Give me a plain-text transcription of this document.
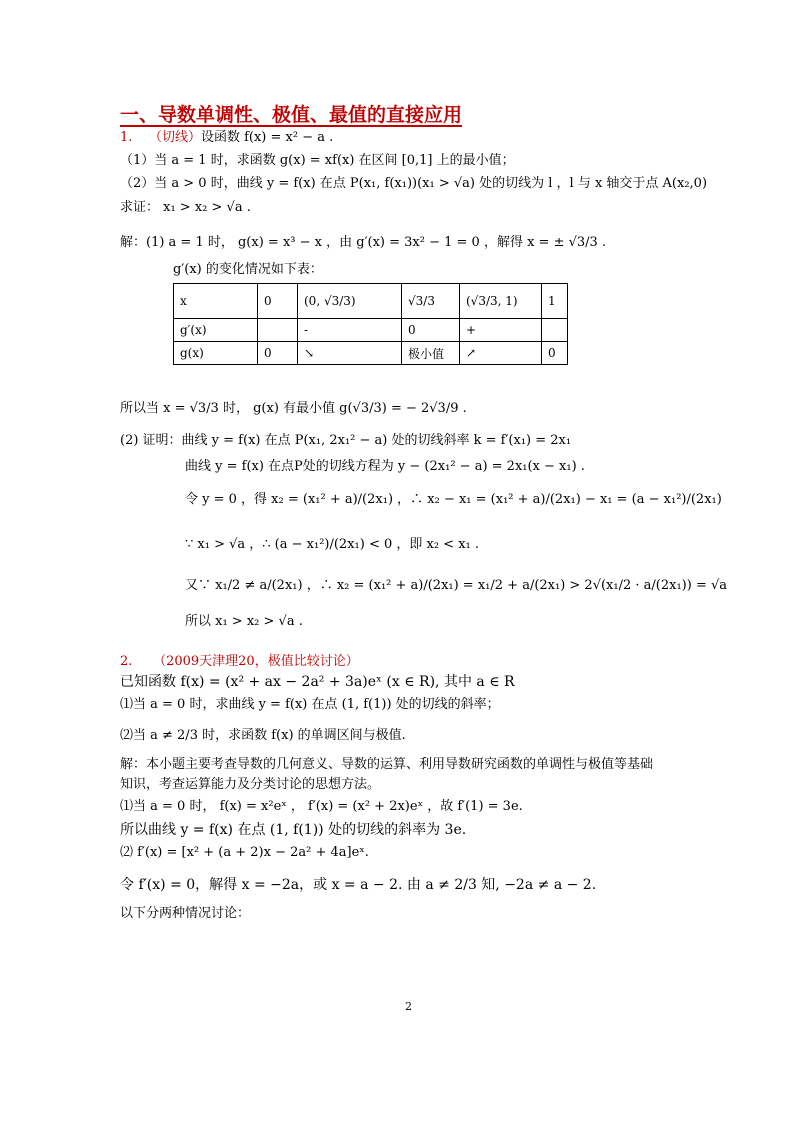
一、导数单调性、极值、最值的直接应用
1. （切线）设函数 f(x) = x² − a .
（1）当 a = 1 时，求函数 g(x) = xf(x) 在区间 [0,1] 上的最小值；
（2）当 a > 0 时，曲线 y = f(x) 在点 P(x₁, f(x₁))(x₁ > √a) 处的切线为 l ，l 与 x 轴交于点 A(x₂,0)
求证： x₁ > x₂ > √a .
解：(1) a = 1 时， g(x) = x³ − x ，由 g′(x) = 3x² − 1 = 0 ，解得 x = ± √3/3 .
g′(x) 的变化情况如下表：
x	0	(0, √3/3)	√3/3	(√3/3, 1)	1
g′(x)		-	0	+	
g(x)	0	↘	极小值	↗	0
所以当 x = √3/3 时， g(x) 有最小值 g(√3/3) = − 2√3/9 .
(2) 证明：曲线 y = f(x) 在点 P(x₁, 2x₁² − a) 处的切线斜率 k = f′(x₁) = 2x₁
曲线 y = f(x) 在点P处的切线方程为 y − (2x₁² − a) = 2x₁(x − x₁) .
令 y = 0 ，得 x₂ = (x₁² + a)/(2x₁) ，∴ x₂ − x₁ = (x₁² + a)/(2x₁) − x₁ = (a − x₁²)/(2x₁)
∵ x₁ > √a ，∴ (a − x₁²)/(2x₁) < 0 ，即 x₂ < x₁ .
又∵ x₁/2 ≠ a/(2x₁) ，∴ x₂ = (x₁² + a)/(2x₁) = x₁/2 + a/(2x₁) > 2√(x₁/2 · a/(2x₁)) = √a
所以 x₁ > x₂ > √a .
2. （2009天津理20，极值比较讨论）
已知函数 f(x) = (x² + ax − 2a² + 3a)eˣ (x ∈ R), 其中 a ∈ R
⑴当 a = 0 时，求曲线 y = f(x) 在点 (1, f(1)) 处的切线的斜率；
⑵当 a ≠ 2/3 时，求函数 f(x) 的单调区间与极值.
解：本小题主要考查导数的几何意义、导数的运算、利用导数研究函数的单调性与极值等基础
知识，考查运算能力及分类讨论的思想方法。
⑴当 a = 0 时， f(x) = x²eˣ ， f′(x) = (x² + 2x)eˣ ，故 f′(1) = 3e.
所以曲线 y = f(x) 在点 (1, f(1)) 处的切线的斜率为 3e.
⑵ f′(x) = [x² + (a + 2)x − 2a² + 4a]eˣ.
令 f′(x) = 0，解得 x = −2a，或 x = a − 2. 由 a ≠ 2/3 知, −2a ≠ a − 2.
以下分两种情况讨论：
2
